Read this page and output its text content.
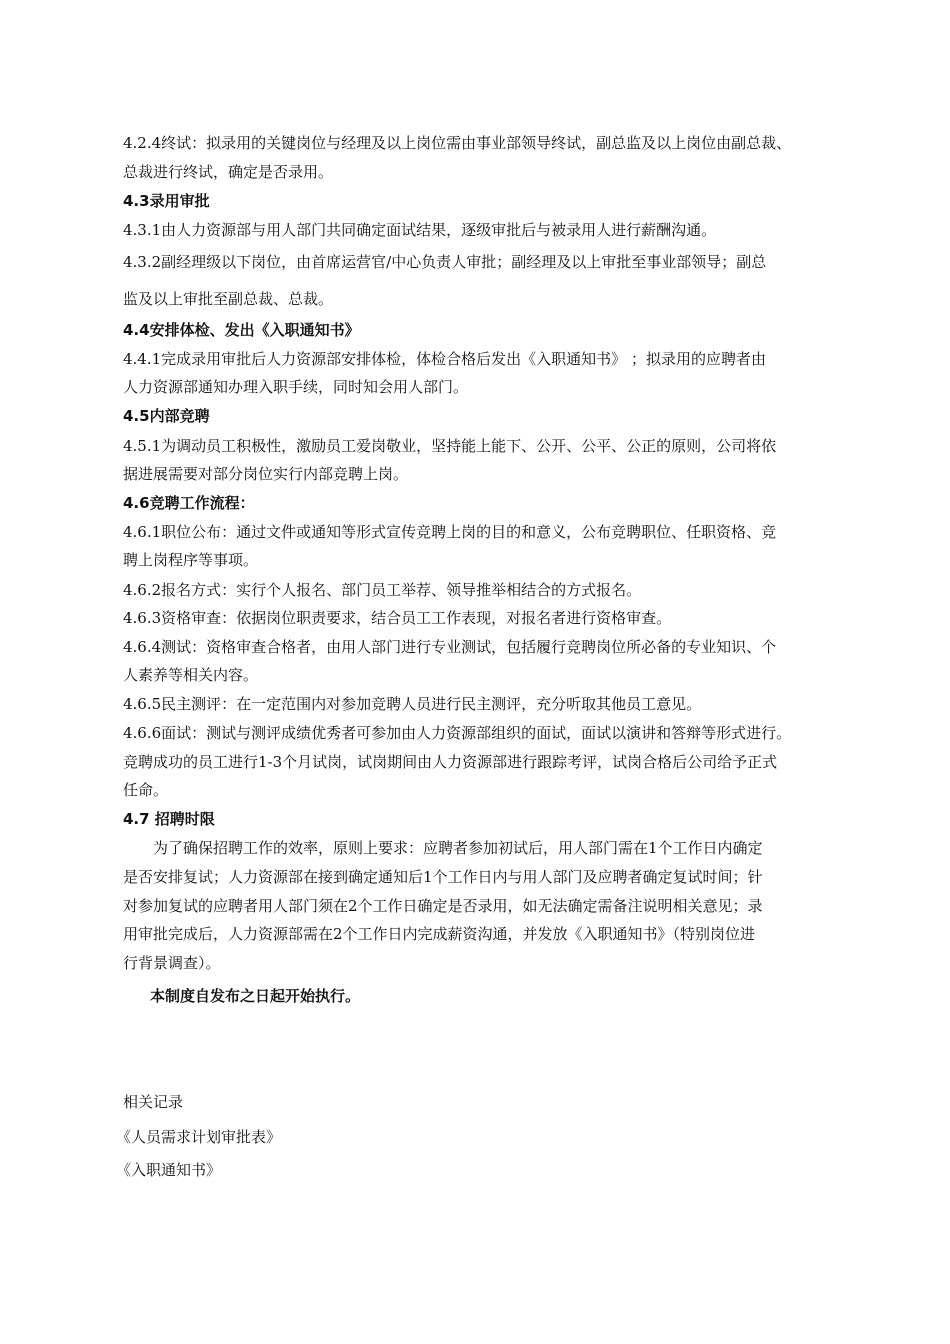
4.2.4终试：拟录用的关键岗位与经理及以上岗位需由事业部领导终试，副总监及以上岗位由副总裁、
总裁进行终试，确定是否录用。
4.3录用审批
4.3.1由人力资源部与用人部门共同确定面试结果，逐级审批后与被录用人进行薪酬沟通。
4.3.2副经理级以下岗位，由首席运营官/中心负责人审批；副经理及以上审批至事业部领导；副总
监及以上审批至副总裁、总裁。
4.4安排体检、发出《入职通知书》
4.4.1完成录用审批后人力资源部安排体检，体检合格后发出《入职通知书》 ；拟录用的应聘者由
人力资源部通知办理入职手续，同时知会用人部门。
4.5内部竞聘
4.5.1为调动员工积极性，激励员工爱岗敬业，坚持能上能下、公开、公平、公正的原则，公司将依
据进展需要对部分岗位实行内部竞聘上岗。
4.6竞聘工作流程：
4.6.1职位公布：通过文件或通知等形式宣传竞聘上岗的目的和意义，公布竞聘职位、任职资格、竞
聘上岗程序等事项。
4.6.2报名方式：实行个人报名、部门员工举荐、领导推举相结合的方式报名。
4.6.3资格审查：依据岗位职责要求，结合员工工作表现，对报名者进行资格审查。
4.6.4测试：资格审查合格者，由用人部门进行专业测试，包括履行竞聘岗位所必备的专业知识、个
人素养等相关内容。
4.6.5民主测评：在一定范围内对参加竞聘人员进行民主测评，充分听取其他员工意见。
4.6.6面试：测试与测评成绩优秀者可参加由人力资源部组织的面试，面试以演讲和答辩等形式进行。
竞聘成功的员工进行1-3个月试岗，试岗期间由人力资源部进行跟踪考评，试岗合格后公司给予正式
任命。
4.7 招聘时限
为了确保招聘工作的效率，原则上要求：应聘者参加初试后，用人部门需在1个工作日内确定
是否安排复试；人力资源部在接到确定通知后1个工作日内与用人部门及应聘者确定复试时间；针
对参加复试的应聘者用人部门须在2个工作日确定是否录用，如无法确定需备注说明相关意见；录
用审批完成后，人力资源部需在2个工作日内完成薪资沟通，并发放《入职通知书》（特别岗位进
行背景调查）。
本制度自发布之日起开始执行。
相关记录
《人员需求计划审批表》
《入职通知书》
